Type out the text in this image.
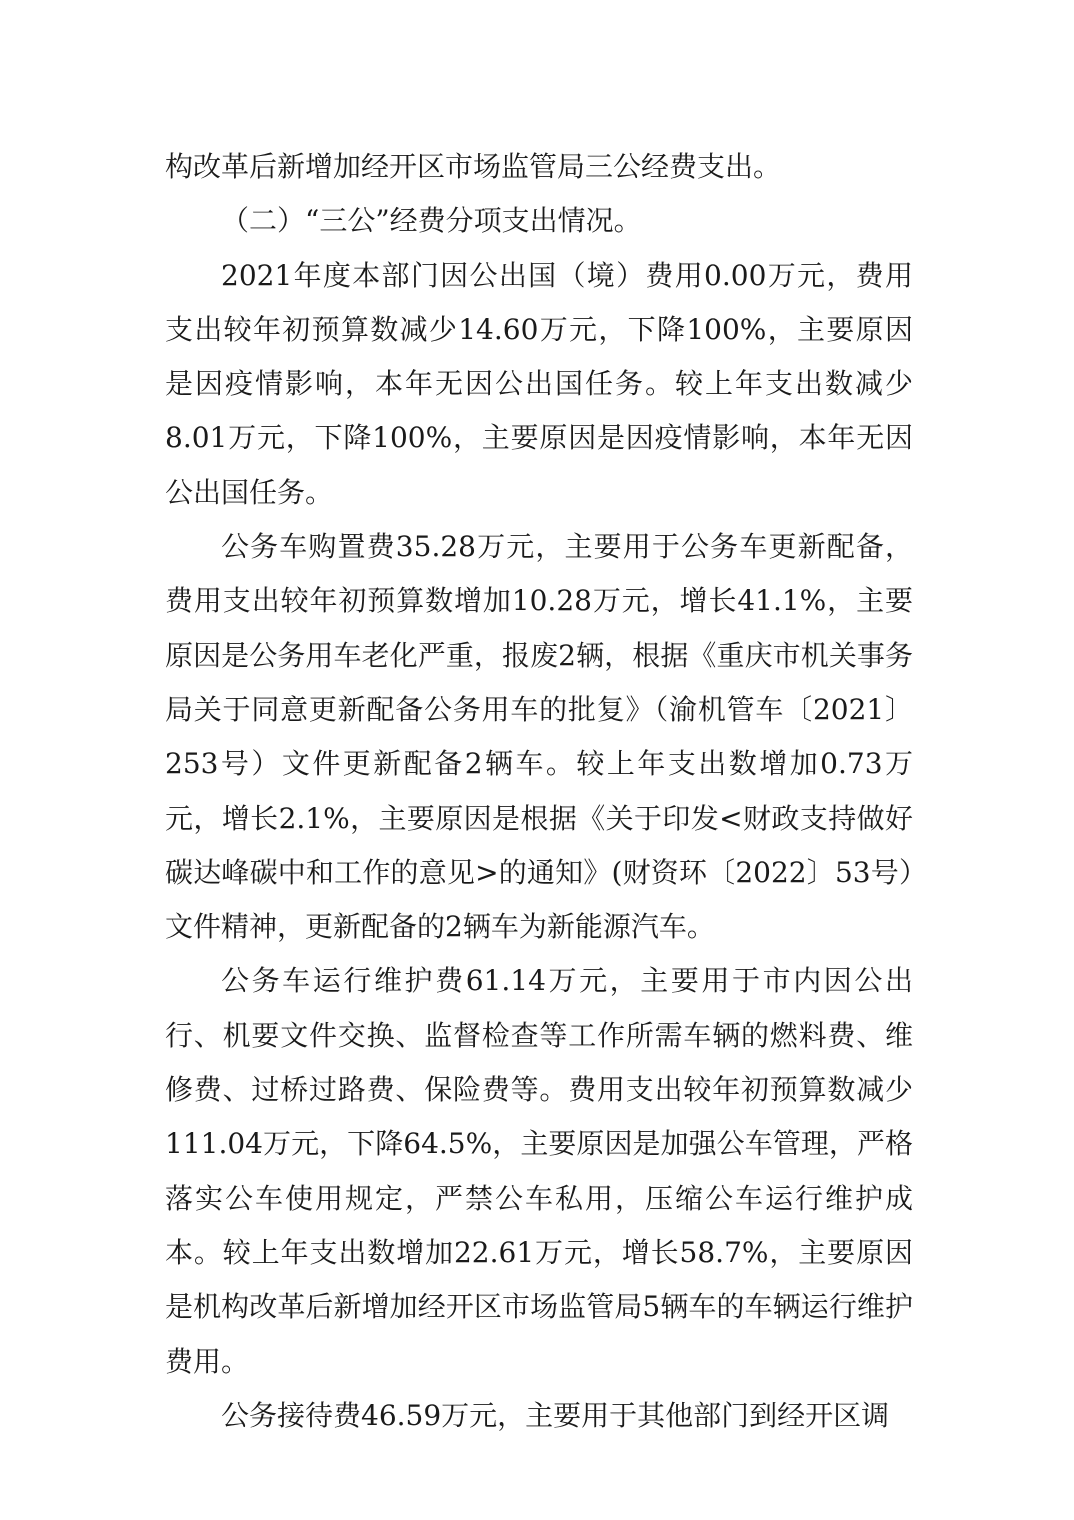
构改革后新增加经开区市场监管局三公经费支出。

（二）“三公”经费分项支出情况。

2021年度本部门因公出国（境）费用0.00万元，费用支出较年初预算数减少14.60万元，下降100%，主要原因是因疫情影响，本年无因公出国任务。较上年支出数减少8.01万元，下降100%，主要原因是因疫情影响，本年无因公出国任务。

公务车购置费35.28万元，主要用于公务车更新配备，费用支出较年初预算数增加10.28万元，增长41.1%，主要原因是公务用车老化严重，报废2辆，根据《重庆市机关事务局关于同意更新配备公务用车的批复》（渝机管车〔2021〕253号）文件更新配备2辆车。较上年支出数增加0.73万元，增长2.1%，主要原因是根据《关于印发<财政支持做好碳达峰碳中和工作的意见>的通知》(财资环〔2022〕53号）文件精神，更新配备的2辆车为新能源汽车。

公务车运行维护费61.14万元，主要用于市内因公出行、机要文件交换、监督检查等工作所需车辆的燃料费、维修费、过桥过路费、保险费等。费用支出较年初预算数减少111.04万元，下降64.5%，主要原因是加强公车管理，严格落实公车使用规定，严禁公车私用，压缩公车运行维护成本。较上年支出数增加22.61万元，增长58.7%，主要原因是机构改革后新增加经开区市场监管局5辆车的车辆运行维护费用。

公务接待费46.59万元，主要用于其他部门到经开区调
